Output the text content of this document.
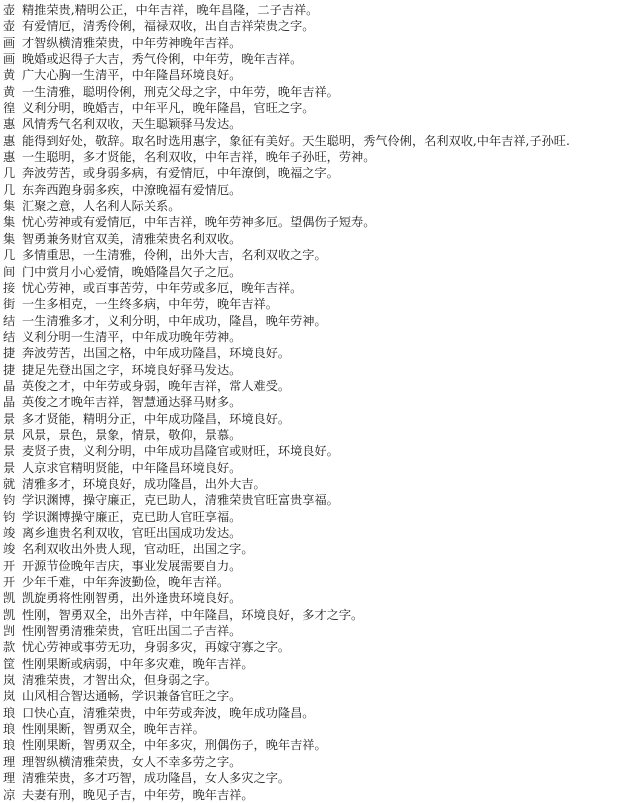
壶 精推荣贵,精明公正，中年吉祥，晚年昌隆，二子吉祥。
壶 有爱情厄，清秀伶俐，福禄双收，出自吉祥荣贵之字。
画 才智纵横清雅荣贵，中年劳神晚年吉祥。
画 晚婚或迟得子大吉，秀气伶俐，中年劳，晚年吉祥。
黄 广大心胸一生清平，中年隆昌环境良好。
黄 一生清雅，聪明伶俐，刑克父母之字，中年劳，晚年吉祥。
徨 义利分明，晚婚吉，中年平凡，晚年隆昌，官旺之字。
惠 风情秀气名利双收，天生聪颖驿马发达。
惠 能得到好处，敬辞。取名时选用惠字，象征有美好。天生聪明，秀气伶俐，名利双收,中年吉祥,子孙旺.
惠 一生聪明，多才贤能，名利双收，中年吉祥，晚年子孙旺，劳神。
几 奔波劳苦，或身弱多病，有爱情厄，中年潦倒，晚福之字。
几 东奔西跑身弱多疾，中潦晚福有爱情厄。
集 汇聚之意，人名利人际关系。
集 忧心劳神或有爱情厄，中年吉祥，晚年劳神多厄。望偶伤子短寿。
集 智勇兼务财官双美，清雅荣贵名利双收。
几 多情重思，一生清雅，伶俐，出外大吉，名利双收之字。
间 门中赏月小心爱情，晚婚隆昌欠子之厄。
接 忧心劳神，或百事苦劳，中年劳或多厄，晚年吉祥。
街 一生多相克，一生终多病，中年劳，晚年吉祥。
结 一生清雅多才，义利分明，中年成功，隆昌，晚年劳神。
结 义利分明一生清平，中年成功晚年劳神。
捷 奔波劳苦，出国之格，中年成功隆昌，环境良好。
捷 捷足先登出国之字，环境良好驿马发达。
晶 英俊之才，中年劳或身弱，晚年吉祥，常人难受。
晶 英俊之才晚年吉祥，智慧通达驿马财多。
景 多才贤能，精明分正，中年成功隆昌，环境良好。
景 风景，景色，景象，情景，敬仰，景慕。
景 麦贤子贵，义利分明，中年成功昌隆官或财旺，环境良好。
景 人京求官精明贤能，中年隆昌环境良好。
就 清雅多才，环境良好，成功隆昌，出外大吉。
钧 学识渊博，操守廉正，克已助人，清雅荣贵官旺富贵享福。
钧 学识渊博操守廉正，克已助人官旺享福。
竣 离乡進贵名利双收，官旺出国成功发达。
竣 名利双收出外贵人现，官动旺，出国之字。
开 开源节俭晚年吉庆，事业发展需要自力。
开 少年千难，中年奔波勤俭，晚年吉祥。
凯 凯旋勇将性刚智勇，出外逢贵环境良好。
凯 性刚，智勇双全，出外吉祥，中年隆昌，环境良好，多才之字。
剀 性刚智勇清雅荣贵，官旺出国二子吉祥。
款 忧心劳神或事劳无功，身弱多灾，再嫁守寡之字。
筐 性刚果断或病弱，中年多灾难，晚年吉祥。
岚 清雅荣贵，才智出众，但身弱之字。
岚 山风相合智达通畅，学识兼备官旺之字。
琅 口快心直，清雅荣贵，中年劳或奔波，晚年成功隆昌。
琅 性刚果断，智勇双全，晚年吉祥。
琅 性刚果断，智勇双全，中年多灾，刑偶伤子，晚年吉祥。
理 理智纵横清雅荣贵，女人不幸多劳之字。
理 清雅荣贵，多才巧智，成功隆昌，女人多灾之字。
凉 夫妻有刑，晚见子吉，中年劳，晚年吉祥。
